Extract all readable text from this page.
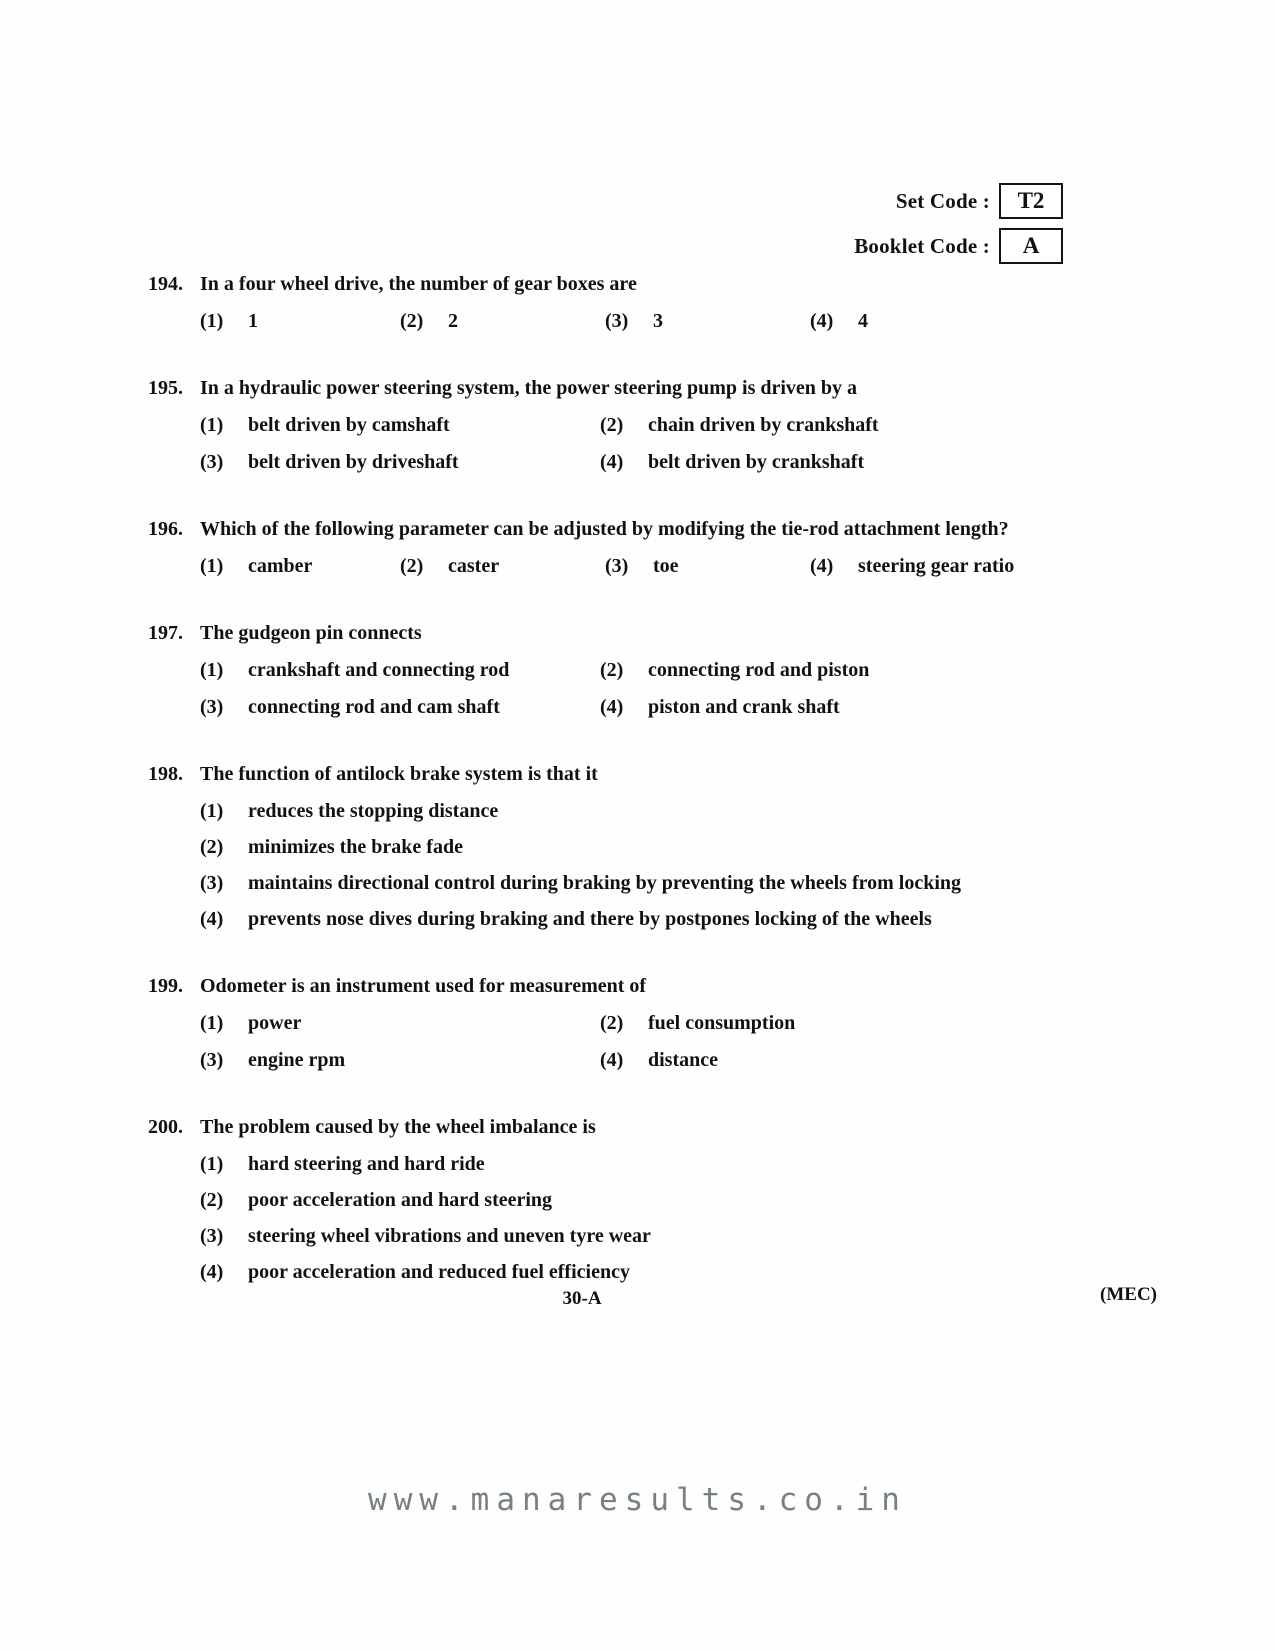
Set Code :	T2
Booklet Code :	A
194. In a four wheel drive, the number of gear boxes are
(1)	1	(2)	2	(3)	3	(4)	4
195. In a hydraulic power steering system, the power steering pump is driven by a
(1)	belt driven by camshaft	(2)	chain driven by crankshaft
(3)	belt driven by driveshaft	(4)	belt driven by crankshaft
196. Which of the following parameter can be adjusted by modifying the tie-rod attachment length?
(1)	camber	(2)	caster	(3)	toe	(4)	steering gear ratio
197. The gudgeon pin connects
(1)	crankshaft and connecting rod	(2)	connecting rod and piston
(3)	connecting rod and cam shaft	(4)	piston and crank shaft
198. The function of antilock brake system is that it
(1)	reduces the stopping distance
(2)	minimizes the brake fade
(3)	maintains directional control during braking by preventing the wheels from locking
(4)	prevents nose dives during braking and there by postpones locking of the wheels
199. Odometer is an instrument used for measurement of
(1)	power	(2)	fuel consumption
(3)	engine rpm	(4)	distance
200. The problem caused by the wheel imbalance is
(1)	hard steering and hard ride
(2)	poor acceleration and hard steering
(3)	steering wheel vibrations and uneven tyre wear
(4)	poor acceleration and reduced fuel efficiency
30-A	(MEC)
www.manaresults.co.in
